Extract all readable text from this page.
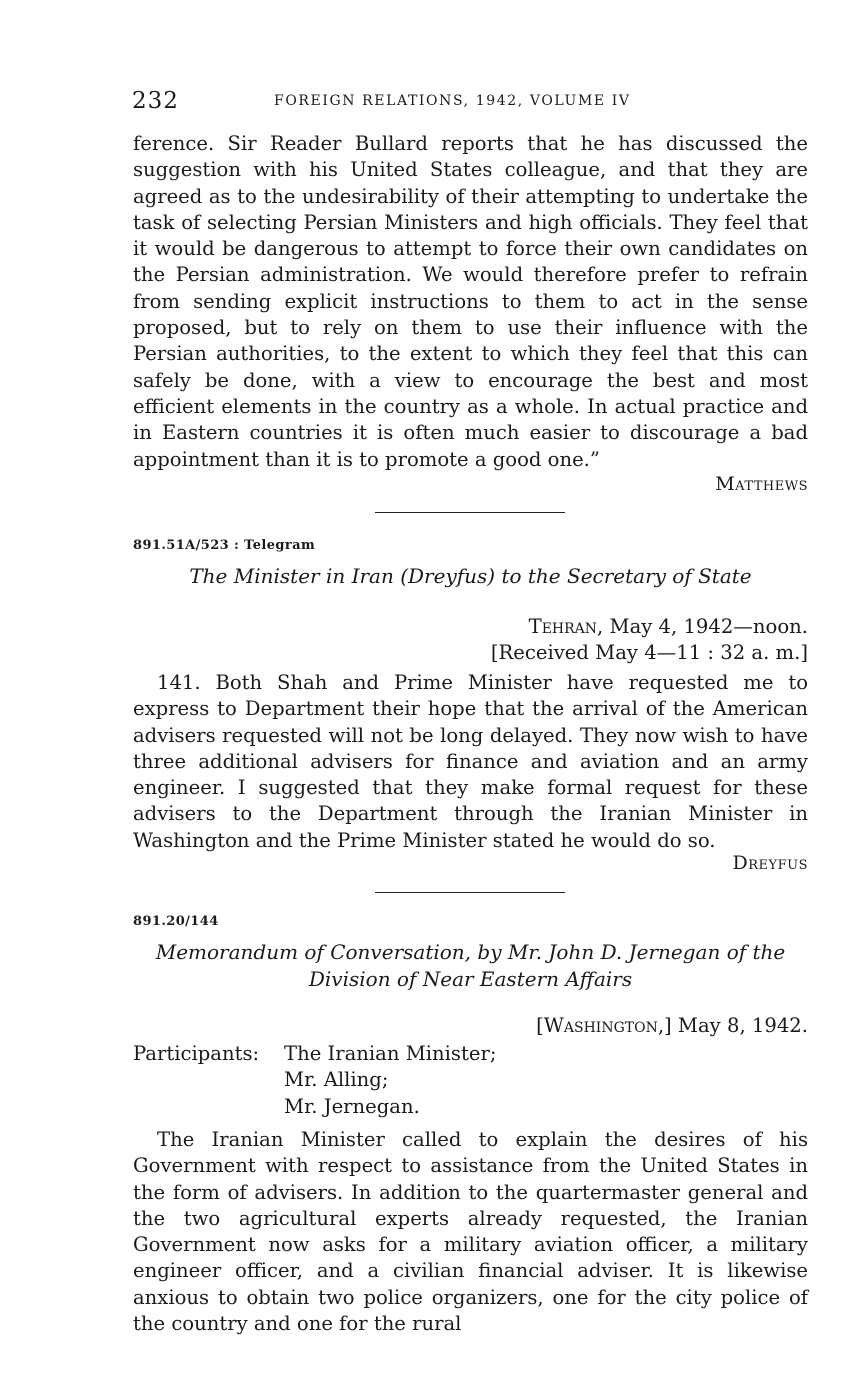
232	FOREIGN RELATIONS, 1942, VOLUME IV
ference. Sir Reader Bullard reports that he has discussed the suggestion with his United States colleague, and that they are agreed as to the undesirability of their attempting to undertake the task of selecting Persian Ministers and high officials. They feel that it would be dangerous to attempt to force their own candidates on the Persian administration. We would therefore prefer to refrain from sending explicit instructions to them to act in the sense proposed, but to rely on them to use their influence with the Persian authorities, to the extent to which they feel that this can safely be done, with a view to encourage the best and most efficient elements in the country as a whole. In actual practice and in Eastern countries it is often much easier to discourage a bad appointment than it is to promote a good one.”
Matthews
891.51A/523 : Telegram
The Minister in Iran (Dreyfus) to the Secretary of State
Tehran, May 4, 1942—noon.
[Received May 4—11 : 32 a. m.]
141. Both Shah and Prime Minister have requested me to express to Department their hope that the arrival of the American advisers requested will not be long delayed. They now wish to have three additional advisers for finance and aviation and an army engineer. I suggested that they make formal request for these advisers to the Department through the Iranian Minister in Washington and the Prime Minister stated he would do so.
Dreyfus
891.20/144
Memorandum of Conversation, by Mr. John D. Jernegan of the
Division of Near Eastern Affairs
[Washington,] May 8, 1942.
Participants:	The Iranian Minister;
Mr. Alling;
Mr. Jernegan.
The Iranian Minister called to explain the desires of his Government with respect to assistance from the United States in the form of advisers. In addition to the quartermaster general and the two agricultural experts already requested, the Iranian Government now asks for a military aviation officer, a military engineer officer, and a civilian financial adviser. It is likewise anxious to obtain two police organizers, one for the city police of the country and one for the rural
